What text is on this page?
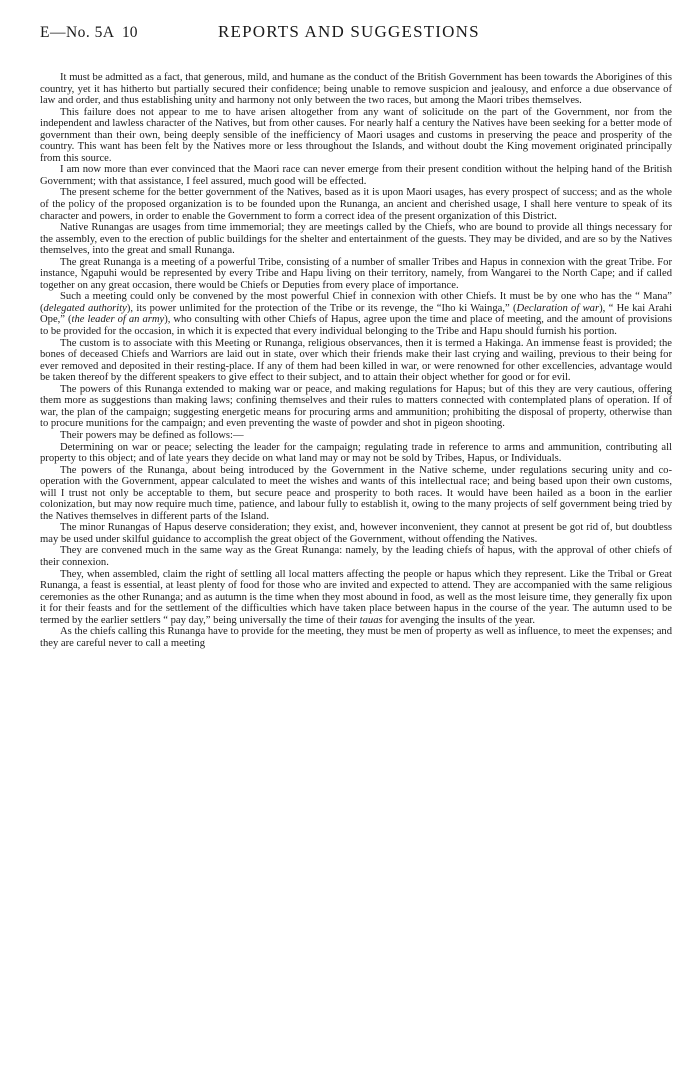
E—No. 5A 10	REPORTS AND SUGGESTIONS

It must be admitted as a fact, that generous, mild, and humane as the conduct of the British Government has been towards the Aborigines of this country, yet it has hitherto but partially secured their confidence; being unable to remove suspicion and jealousy, and enforce a due observance of law and order, and thus establishing unity and harmony not only between the two races, but among the Maori tribes themselves.

This failure does not appear to me to have arisen altogether from any want of solicitude on the part of the Government, nor from the independent and lawless character of the Natives, but from other causes. For nearly half a century the Natives have been seeking for a better mode of government than their own, being deeply sensible of the inefficiency of Maori usages and customs in preserving the peace and prosperity of the country. This want has been felt by the Natives more or less throughout the Islands, and without doubt the King movement originated principally from this source.

I am now more than ever convinced that the Maori race can never emerge from their present condition without the helping hand of the British Government; with that assistance, I feel assured, much good will be effected.

The present scheme for the better government of the Natives, based as it is upon Maori usages, has every prospect of success; and as the whole of the policy of the proposed organization is to be founded upon the Runanga, an ancient and cherished usage, I shall here venture to speak of its character and powers, in order to enable the Government to form a correct idea of the present organization of this District.

Native Runangas are usages from time immemorial; they are meetings called by the Chiefs, who are bound to provide all things necessary for the assembly, even to the erection of public buildings for the shelter and entertainment of the guests. They may be divided, and are so by the Natives themselves, into the great and small Runanga.

The great Runanga is a meeting of a powerful Tribe, consisting of a number of smaller Tribes and Hapus in connexion with the great Tribe. For instance, Ngapuhi would be represented by every Tribe and Hapu living on their territory, namely, from Wangarei to the North Cape; and if called together on any great occasion, there would be Chiefs or Deputies from every place of importance.

Such a meeting could only be convened by the most powerful Chief in connexion with other Chiefs. It must be by one who has the “ Mana” (delegated authority), its power unlimited for the protection of the Tribe or its revenge, the “Iho ki Wainga,” (Declaration of war), “ He kai Arahi Ope,” (the leader of an army), who consulting with other Chiefs of Hapus, agree upon the time and place of meeting, and the amount of provisions to be provided for the occasion, in which it is expected that every individual belonging to the Tribe and Hapu should furnish his portion.

The custom is to associate with this Meeting or Runanga, religious observances, then it is termed a Hakinga. An immense feast is provided; the bones of deceased Chiefs and Warriors are laid out in state, over which their friends make their last crying and wailing, previous to their being for ever removed and deposited in their resting-place. If any of them had been killed in war, or were renowned for other excellencies, advantage would be taken thereof by the different speakers to give effect to their subject, and to attain their object whether for good or for evil.

The powers of this Runanga extended to making war or peace, and making regulations for Hapus; but of this they are very cautious, offering them more as suggestions than making laws; confining themselves and their rules to matters connected with contemplated plans of operation. If of war, the plan of the campaign; suggesting energetic means for procuring arms and ammunition; prohibiting the disposal of property, otherwise than to procure munitions for the campaign; and even preventing the waste of powder and shot in pigeon shooting.

Their powers may be defined as follows:—

Determining on war or peace; selecting the leader for the campaign; regulating trade in reference to arms and ammunition, contributing all property to this object; and of late years they decide on what land may or may not be sold by Tribes, Hapus, or Individuals.

The powers of the Runanga, about being introduced by the Government in the Native scheme, under regulations securing unity and co-operation with the Government, appear calculated to meet the wishes and wants of this intellectual race; and being based upon their own customs, will I trust not only be acceptable to them, but secure peace and prosperity to both races. It would have been hailed as a boon in the earlier colonization, but may now require much time, patience, and labour fully to establish it, owing to the many projects of self government being tried by the Natives themselves in different parts of the Island.

The minor Runangas of Hapus deserve consideration; they exist, and, however inconvenient, they cannot at present be got rid of, but doubtless may be used under skilful guidance to accomplish the great object of the Government, without offending the Natives.

They are convened much in the same way as the Great Runanga: namely, by the leading chiefs of hapus, with the approval of other chiefs of their connexion.

They, when assembled, claim the right of settling all local matters affecting the people or hapus which they represent. Like the Tribal or Great Runanga, a feast is essential, at least plenty of food for those who are invited and expected to attend. They are accompanied with the same religious ceremonies as the other Runanga; and as autumn is the time when they most abound in food, as well as the most leisure time, they generally fix upon it for their feasts and for the settlement of the difficulties which have taken place between hapus in the course of the year. The autumn used to be termed by the earlier settlers “ pay day,” being universally the time of their tauas for avenging the insults of the year.

As the chiefs calling this Runanga have to provide for the meeting, they must be men of property as well as influence, to meet the expenses; and they are careful never to call a meeting
